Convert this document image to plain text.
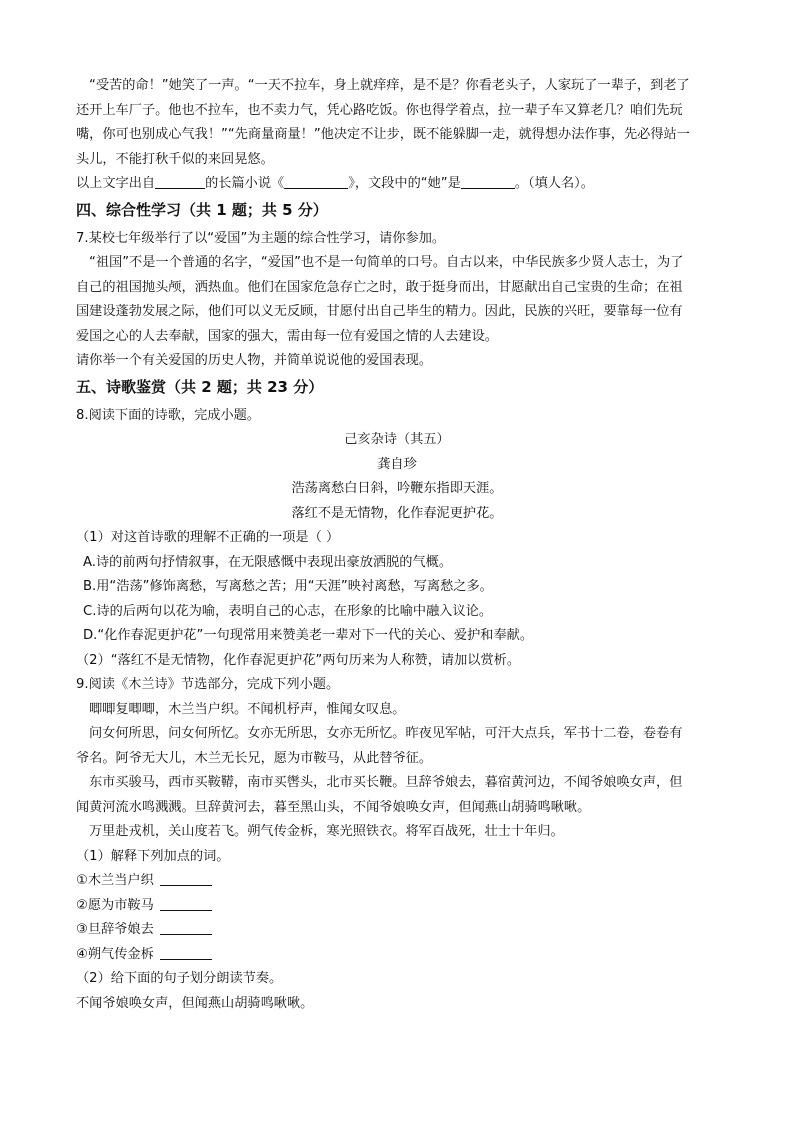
“受苦的命！”她笑了一声。“一天不拉车，身上就痒痒，是不是？你看老头子，人家玩了一辈子，到老了

还开上车厂子。他也不拉车，也不卖力气，凭心路吃饭。你也得学着点，拉一辈子车又算老几？咱们先玩

嘴，你可也别成心气我！”“先商量商量！”他决定不让步，既不能躲脚一走，就得想办法作事，先必得站一

头儿，不能打秋千似的来回晃悠。

以上文字出自	的长篇小说《	》，文段中的“她”是	。（填人名）。

四、综合性学习（共 1 题；共 5 分）

7.某校七年级举行了以“爱国”为主题的综合性学习，请你参加。

“祖国”不是一个普通的名字，“爱国”也不是一句简单的口号。自古以来，中华民族多少贤人志士，为了

自己的祖国抛头颅，洒热血。他们在国家危急存亡之时，敢于挺身而出，甘愿献出自己宝贵的生命；在祖

国建设蓬勃发展之际，他们可以义无反顾，甘愿付出自己毕生的精力。因此，民族的兴旺，要靠每一位有

爱国之心的人去奉献，国家的强大，需由每一位有爱国之情的人去建设。

请你举一个有关爱国的历史人物，并简单说说他的爱国表现。

五、诗歌鉴赏（共 2 题；共 23 分）

8.阅读下面的诗歌，完成小题。

己亥杂诗（其五）

龚自珍

浩荡离愁白日斜，吟鞭东指即天涯。

落红不是无情物，化作春泥更护花。

（1）对这首诗歌的理解不正确的一项是（ ）

A.诗的前两句抒情叙事，在无限感慨中表现出豪放洒脱的气概。

B.用“浩荡”修饰离愁，写离愁之苦；用“天涯”映衬离愁，写离愁之多。

C.诗的后两句以花为喻，表明自己的心志，在形象的比喻中融入议论。

D.“化作春泥更护花”一句现常用来赞美老一辈对下一代的关心、爱护和奉献。

（2）“落红不是无情物，化作春泥更护花”两句历来为人称赞，请加以赏析。

9.阅读《木兰诗》节选部分，完成下列小题。

唧唧复唧唧，木兰当户织。不闻机杼声，惟闻女叹息。

问女何所思，问女何所忆。女亦无所思，女亦无所忆。昨夜见军帖，可汗大点兵，军书十二卷，卷卷有

爷名。阿爷无大儿，木兰无长兄，愿为市鞍马，从此替爷征。

东市买骏马，西市买鞍鞯，南市买辔头，北市买长鞭。旦辞爷娘去，暮宿黄河边，不闻爷娘唤女声，但

闻黄河流水鸣溅溅。旦辞黄河去，暮至黑山头，不闻爷娘唤女声，但闻燕山胡骑鸣啾啾。

万里赴戎机，关山度若飞。朔气传金柝，寒光照铁衣。将军百战死，壮士十年归。

（1）解释下列加点的词。

①木兰当户织

②愿为市鞍马

③旦辞爷娘去

④朔气传金柝

（2）给下面的句子划分朗读节奏。

不闻爷娘唤女声，但闻燕山胡骑鸣啾啾。
